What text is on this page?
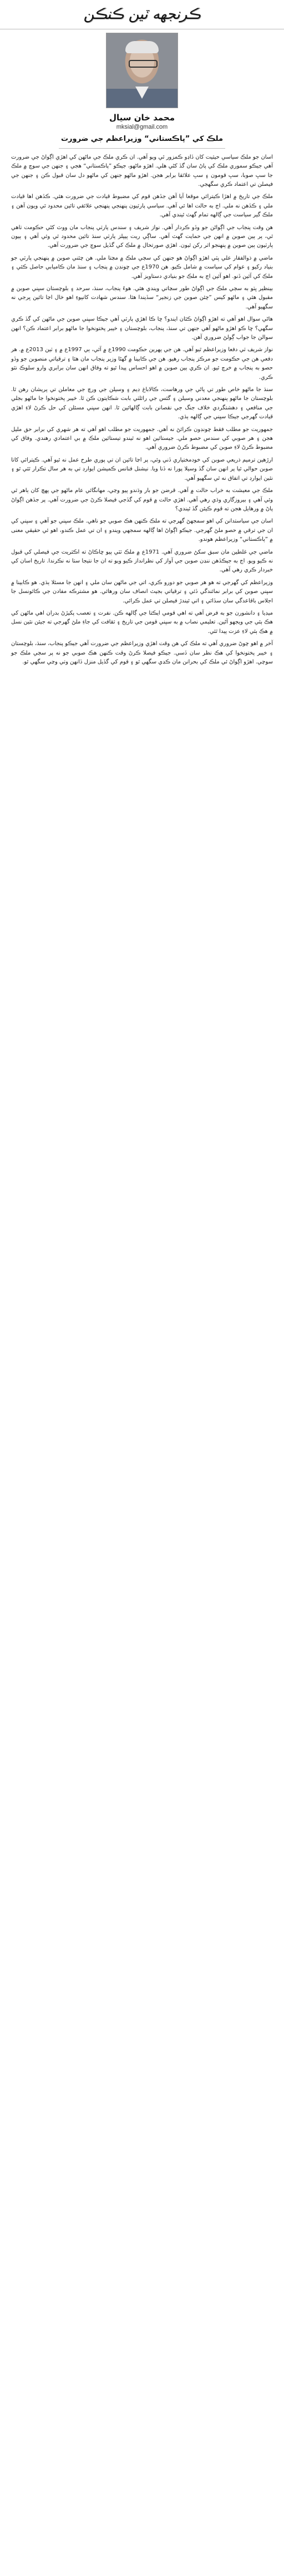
ڪرنجهه ٽين ڪنڪن
محمد خان سيال
mksial@gmail.com
ملڪ کي ”پاڪستاني“ وزيراعظم جي ضرورت

اسان جو ملڪ سياسي حيثيت کان ڏاڍو ڪمزور ٿي ويو آهي. ان ڪري ملڪ جي ماڻهن کي اهڙي اڳواڻ جي ضرورت آهي جيڪو سموري ملڪ کي پاڻ سان گڏ کڻي هلي. اهڙو ماڻهو، جيڪو ”پاڪستاني“ هجي ۽ جنهن جي سوچ ۾ ملڪ جا سڀ صوبا، سڀ قومون ۽ سڀ علائقا برابر هجن. اهڙو ماڻهو جنهن کي ماڻهو دل سان قبول ڪن ۽ جنهن جي فيصلن تي اعتماد ڪري سگهجي.

ملڪ جي تاريخ ۾ اهڙا ڪيترائي موقعا آيا آهن جڏهن قوم کي مضبوط قيادت جي ضرورت هئي. ڪڏهن اها قيادت ملي ۽ ڪڏهن نه ملي. اڄ به حالت اها ئي آهي. سياسي پارٽيون پنهنجي پنهنجي علائقي تائين محدود ٿي ويون آهن ۽ ملڪ گير سياست جي ڳالهه تمام گهٽ ٿيندي آهي.

هن وقت پنجاب جي اڳواڻن جو وڏو ڪردار آهي. نواز شريف ۽ سندس پارٽي پنجاب مان ووٽ کڻي حڪومت ٺاهي ٿي، پر ٻين صوبن ۾ انهن جي حمايت گهٽ آهي. ساڳي ريت پيپلز پارٽي سنڌ تائين محدود ٿي وئي آهي ۽ ٻيون پارٽيون ٻين صوبن ۾ پنهنجو اثر رکن ٿيون. اهڙي صورتحال ۾ ملڪ کي گڏيل سوچ جي ضرورت آهي.

ماضي ۾ ذوالفقار علي ڀٽي اهڙو اڳواڻ هو جنهن کي سڄي ملڪ ۾ مڃتا ملي. هن چئني صوبن ۾ پنهنجي پارٽي جو بنياد رکيو ۽ عوام کي سياست ۾ شامل ڪيو. هن 1970ع جي چونڊن ۾ پنجاب ۽ سنڌ مان ڪاميابي حاصل ڪئي ۽ ملڪ کي آئين ڏنو. اهو آئين اڄ به ملڪ جو بنيادي دستاويز آهي.

بينظير ڀٽو به سڄي ملڪ جي اڳواڻ طور سڃاتي ويندي هئي. هوءَ پنجاب، سنڌ، سرحد ۽ بلوچستان سڀني صوبن ۾ مقبول هئي ۽ ماڻهو کيس ”چئن صوبن جي زنجير“ سڏيندا هئا. سندس شهادت کانپوءِ اهو خال اڃا تائين ڀرجي نه سگهيو آهي.

هاڻي سوال اهو آهي ته اهڙو اڳواڻ ڪٿان ايندو؟ ڇا ڪا اهڙي پارٽي آهي جيڪا سڀني صوبن جي ماڻهن کي گڏ ڪري سگهي؟ ڇا ڪو اهڙو ماڻهو آهي جنهن تي سنڌ، پنجاب، بلوچستان ۽ خيبر پختونخوا جا ماڻهو برابر اعتماد ڪن؟ انهن سوالن جا جواب ڳولڻ ضروري آهن.

نواز شريف ٽي دفعا وزيراعظم ٿيو آهي. هن جي پهرين حڪومت 1990ع ۾ آئي، ٻي 1997ع ۾ ۽ ٽين 2013ع ۾. هر دفعي هن جي حڪومت جو مرڪز پنجاب رهيو. هن جي ڪابينا ۾ گهڻا وزير پنجاب مان هئا ۽ ترقياتي منصوبن جو وڏو حصو به پنجاب ۾ خرچ ٿيو. ان ڪري ٻين صوبن ۾ اهو احساس پيدا ٿيو ته وفاق انهن سان برابري وارو سلوڪ نٿو ڪري.

سنڌ جا ماڻهو خاص طور تي پاڻي جي ورهاست، ڪالاباغ ڊيم ۽ وسيلن جي ورڇ جي معاملن تي پريشان رهن ٿا. بلوچستان جا ماڻهو پنهنجي معدني وسيلن ۽ گئس جي رائلٽي بابت شڪايتون ڪن ٿا. خيبر پختونخوا جا ماڻهو بجلي جي منافعي ۽ دهشتگردي خلاف جنگ جي نقصانن بابت ڳالهائين ٿا. انهن سڀني مسئلن کي حل ڪرڻ لاءِ اهڙي قيادت گهرجي جيڪا سڀني جي ڳالهه ٻڌي.

جمهوريت جو مطلب فقط چونڊون ڪرائڻ نه آهي. جمهوريت جو مطلب اهو آهي ته هر شهري کي برابر حق مليل هجن ۽ هر صوبي کي سندس حصو ملي. جيستائين اهو نه ٿيندو تيستائين ملڪ ۾ بي اعتمادي رهندي. وفاق کي مضبوط ڪرڻ لاءِ صوبن کي مضبوط ڪرڻ ضروري آهي.

ارڙهين ترميم ذريعي صوبن کي خودمختياري ڏني وئي، پر اڃا تائين ان تي پوري طرح عمل نه ٿيو آهي. ڪيترائي کاتا صوبن حوالي ٿيا پر انهن سان گڏ وسيلا پورا نه ڏنا ويا. نيشنل فنانس ڪميشن ايوارڊ تي به هر سال تڪرار ٿئي ٿو ۽ نئين ايوارڊ تي اتفاق نه ٿي سگهيو آهي.

ملڪ جي معيشت به خراب حالت ۾ آهي. قرضن جو بار وڌندو پيو وڃي، مهانگائي عام ماڻهو جي پهچ کان ٻاهر ٿي وئي آهي ۽ بيروزگاري وڌي رهي آهي. اهڙي حالت ۾ قوم کي گڏجي فيصلا ڪرڻ جي ضرورت آهي. پر جڏهن اڳواڻ پاڻ ۾ ورهايل هجن ته قوم ڪيئن گڏ ٿيندي؟

اسان جي سياستدانن کي اهو سمجهڻ گهرجي ته ملڪ ڪنهن هڪ صوبي جو ناهي. ملڪ سڀني جو آهي ۽ سڀني کي ان جي ترقي ۾ حصو ملڻ گهرجي. جيڪو اڳواڻ اها ڳالهه سمجهي ويندو ۽ ان تي عمل ڪندو، اهو ئي حقيقي معنى ۾ ”پاڪستاني“ وزيراعظم هوندو.

ماضي جي غلطين مان سبق سکڻ ضروري آهي. 1971ع ۾ ملڪ ٽٽي پيو ڇاڪاڻ ته اڪثريت جي فيصلي کي قبول نه ڪيو ويو. اڄ به جيڪڏهن ننڍن صوبن جي آواز کي نظرانداز ڪيو ويو ته ان جا نتيجا سٺا نه نڪرندا. تاريخ اسان کي خبردار ڪري رهي آهي.

وزيراعظم کي گهرجي ته هو هر صوبي جو دورو ڪري، اتي جي ماڻهن سان ملي ۽ انهن جا مسئلا ٻڌي. هو ڪابينا ۾ سڀني صوبن کي برابر نمائندگي ڏئي ۽ ترقياتي بجيٽ انصاف سان ورهائي. هو مشترڪه مفادن جي ڪائونسل جا اجلاس باقاعدگي سان سڏائي ۽ اتي ٿيندڙ فيصلن تي عمل ڪرائي.

ميڊيا ۽ دانشورن جو به فرض آهي ته اهي قومي ايڪتا جي ڳالهه ڪن. نفرت ۽ تعصب پکيڙڻ بدران اهي ماڻهن کي هڪ ٻئي جي ويجهو آڻين. تعليمي نصاب ۾ به سڀني قومن جي تاريخ ۽ ثقافت کي جاءِ ملڻ گهرجي ته جيئن نئين نسل ۾ هڪ ٻئي لاءِ عزت پيدا ٿئي.

آخر ۾ اهو چوڻ ضروري آهي ته ملڪ کي هن وقت اهڙي وزيراعظم جي ضرورت آهي جيڪو پنجاب، سنڌ، بلوچستان ۽ خيبر پختونخوا کي هڪ نظر سان ڏسي. جيڪو فيصلا ڪرڻ وقت ڪنهن هڪ صوبي جو نه پر سڄي ملڪ جو سوچي. اهڙو اڳواڻ ئي ملڪ کي بحرانن مان ڪڍي سگهي ٿو ۽ قوم کي گڏيل منزل ڏانهن وٺي وڃي سگهي ٿو.
